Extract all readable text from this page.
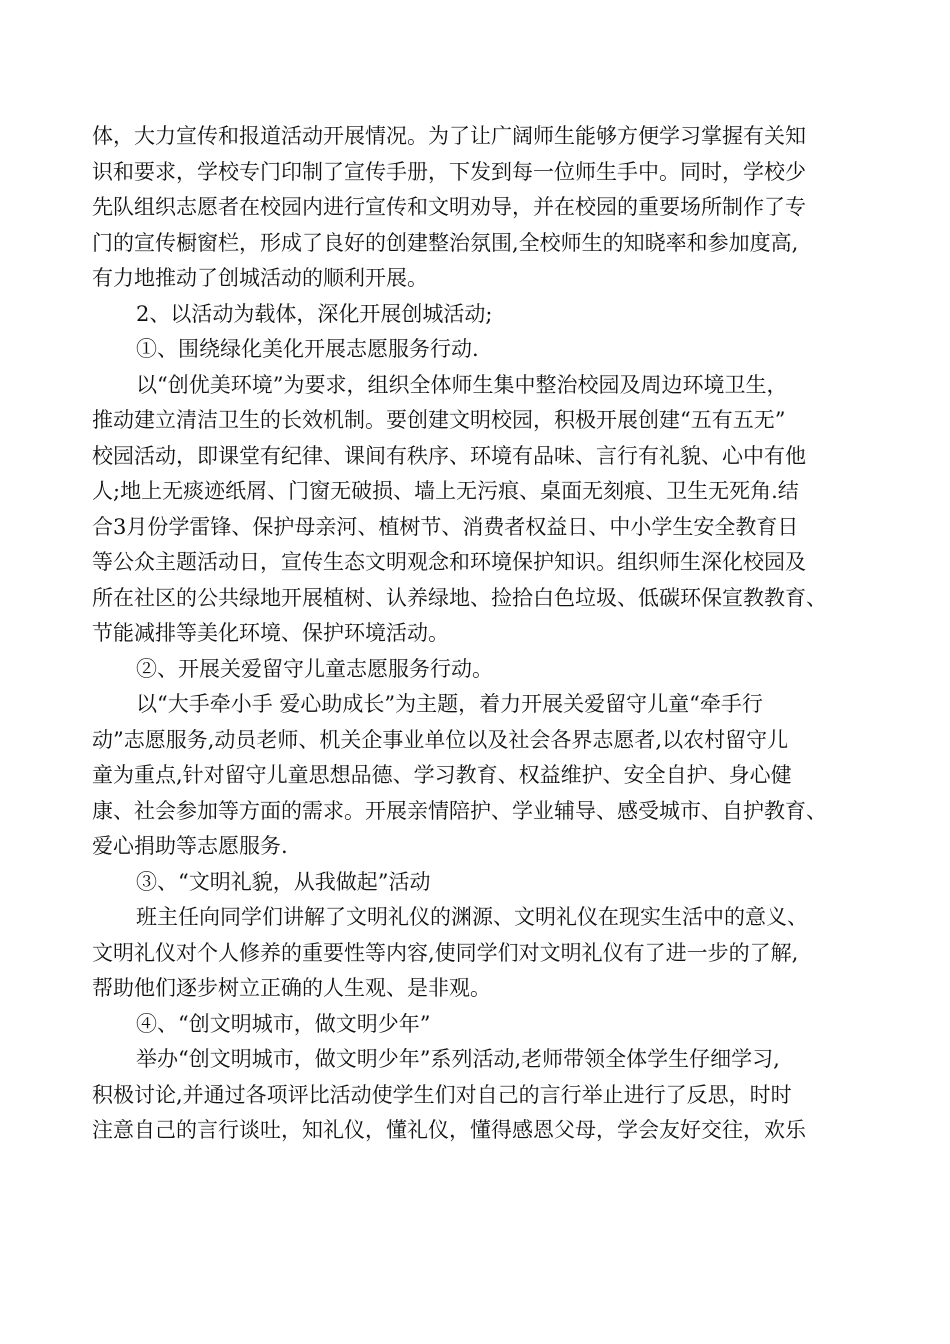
体，大力宣传和报道活动开展情况。为了让广阔师生能够方便学习掌握有关知
识和要求，学校专门印制了宣传手册，下发到每一位师生手中。同时，学校少
先队组织志愿者在校园内进行宣传和文明劝导，并在校园的重要场所制作了专
门的宣传橱窗栏，形成了良好的创建整治氛围,全校师生的知晓率和参加度高,
有力地推动了创城活动的顺利开展。
2、以活动为载体，深化开展创城活动;
①、围绕绿化美化开展志愿服务行动.
以“创优美环境”为要求，组织全体师生集中整治校园及周边环境卫生，
推动建立清洁卫生的长效机制。要创建文明校园，积极开展创建“五有五无”
校园活动，即课堂有纪律、课间有秩序、环境有品味、言行有礼貌、心中有他
人;地上无痰迹纸屑、门窗无破损、墙上无污痕、桌面无刻痕、卫生无死角.结
合3月份学雷锋、保护母亲河、植树节、消费者权益日、中小学生安全教育日
等公众主题活动日，宣传生态文明观念和环境保护知识。组织师生深化校园及
所在社区的公共绿地开展植树、认养绿地、捡拾白色垃圾、低碳环保宣教教育、
节能减排等美化环境、保护环境活动。
②、开展关爱留守儿童志愿服务行动。
以“大手牵小手 爱心助成长”为主题，着力开展关爱留守儿童“牵手行
动”志愿服务,动员老师、机关企事业单位以及社会各界志愿者,以农村留守儿
童为重点,针对留守儿童思想品德、学习教育、权益维护、安全自护、身心健
康、社会参加等方面的需求。开展亲情陪护、学业辅导、感受城市、自护教育、
爱心捐助等志愿服务.
③、“文明礼貌，从我做起”活动
班主任向同学们讲解了文明礼仪的渊源、文明礼仪在现实生活中的意义、
文明礼仪对个人修养的重要性等内容,使同学们对文明礼仪有了进一步的了解,
帮助他们逐步树立正确的人生观、是非观。
④、“创文明城市，做文明少年”
举办“创文明城市，做文明少年”系列活动,老师带领全体学生仔细学习,
积极讨论,并通过各项评比活动使学生们对自己的言行举止进行了反思，时时
注意自己的言行谈吐，知礼仪，懂礼仪，懂得感恩父母，学会友好交往，欢乐
